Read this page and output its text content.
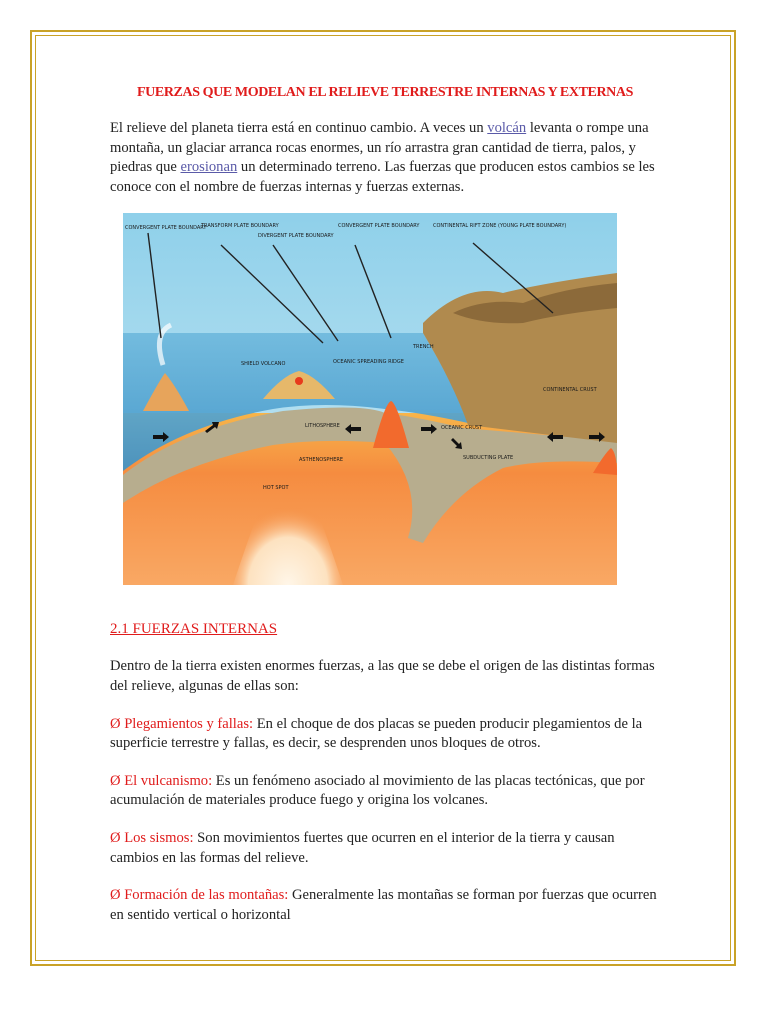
FUERZAS QUE MODELAN EL RELIEVE TERRESTRE INTERNAS Y EXTERNAS

El relieve del planeta tierra está en continuo cambio. A veces un volcán levanta o rompe una montaña, un glaciar arranca rocas enormes, un río arrastra gran cantidad de tierra, palos, y piedras que erosionan un determinado terreno. Las fuerzas que producen estos cambios se les conoce con el nombre de fuerzas internas y fuerzas externas.

CONVERGENT PLATE BOUNDARY
TRANSFORM PLATE BOUNDARY
DIVERGENT PLATE BOUNDARY
CONVERGENT PLATE BOUNDARY	CONTINENTAL RIFT ZONE (YOUNG PLATE BOUNDARY)
SHIELD VOLCANO	OCEANIC SPREADING RIDGE
TRENCH
LITHOSPHERE
ASTHENOSPHERE
HOT SPOT
OCEANIC CRUST
SUBDUCTING PLATE
CONTINENTAL CRUST
2.1 FUERZAS INTERNAS

Dentro de la tierra existen enormes fuerzas, a las que se debe el origen de las distintas formas del relieve, algunas de ellas son:

Ø Plegamientos y fallas: En el choque de dos placas se pueden producir plegamientos de la superficie terrestre y fallas, es decir, se desprenden unos bloques de otros.

Ø El vulcanismo: Es un fenómeno asociado al movimiento de las placas tectónicas, que por acumulación de materiales produce fuego y origina los volcanes.

Ø Los sismos: Son movimientos fuertes que ocurren en el interior de la tierra y causan cambios en las formas del relieve.

Ø Formación de las montañas: Generalmente las montañas se forman por fuerzas que ocurren en sentido vertical o horizontal
